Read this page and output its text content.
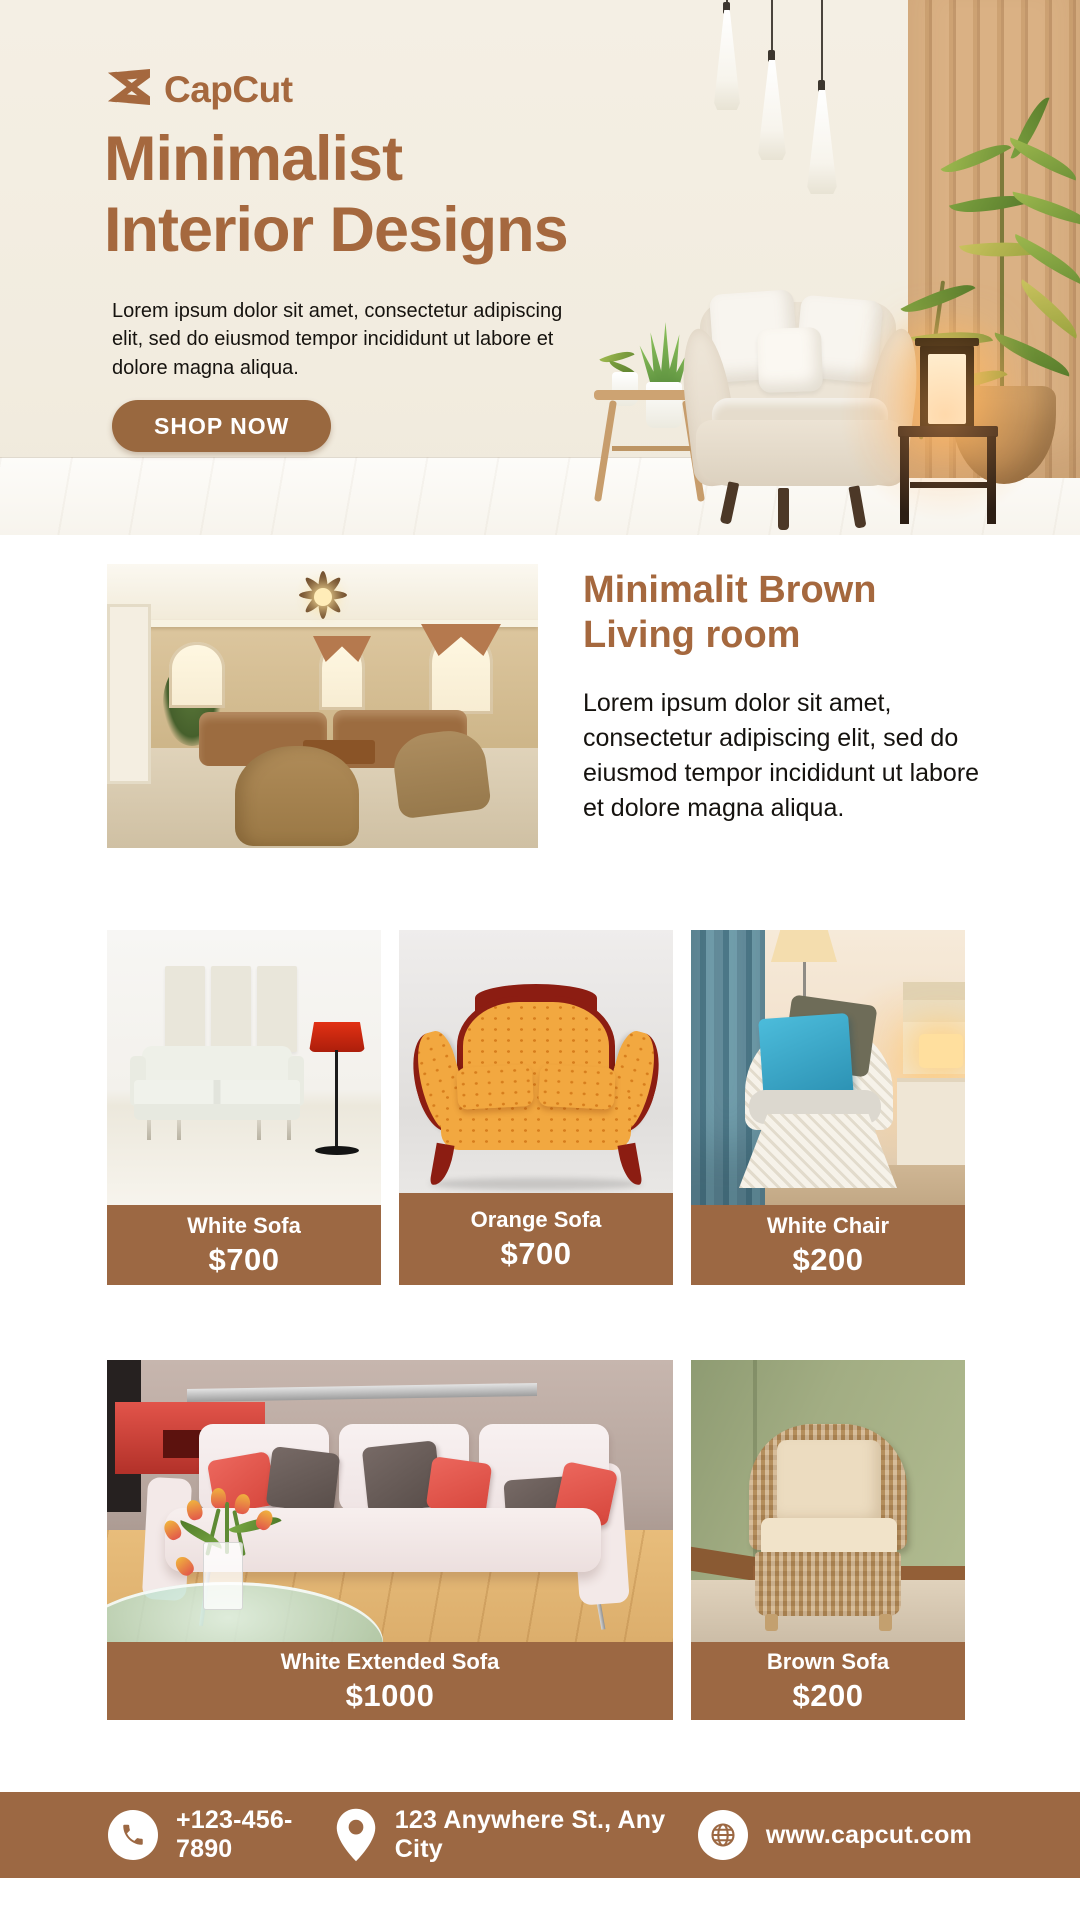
CapCut
Minimalist
Interior Designs

Lorem ipsum dolor sit amet, consectetur adipiscing elit, sed do eiusmod tempor incididunt ut labore et dolore magna aliqua.

SHOP NOW
Minimalit Brown Living room

Lorem ipsum dolor sit amet, consectetur adipiscing elit, sed do eiusmod tempor incididunt ut labore et dolore magna aliqua.

White Sofa
$700
Orange Sofa
$700
White Chair
$200
White Extended Sofa
$1000
Brown Sofa
$200
+123-456-7890
123 Anywhere St., Any City
www.capcut.com
